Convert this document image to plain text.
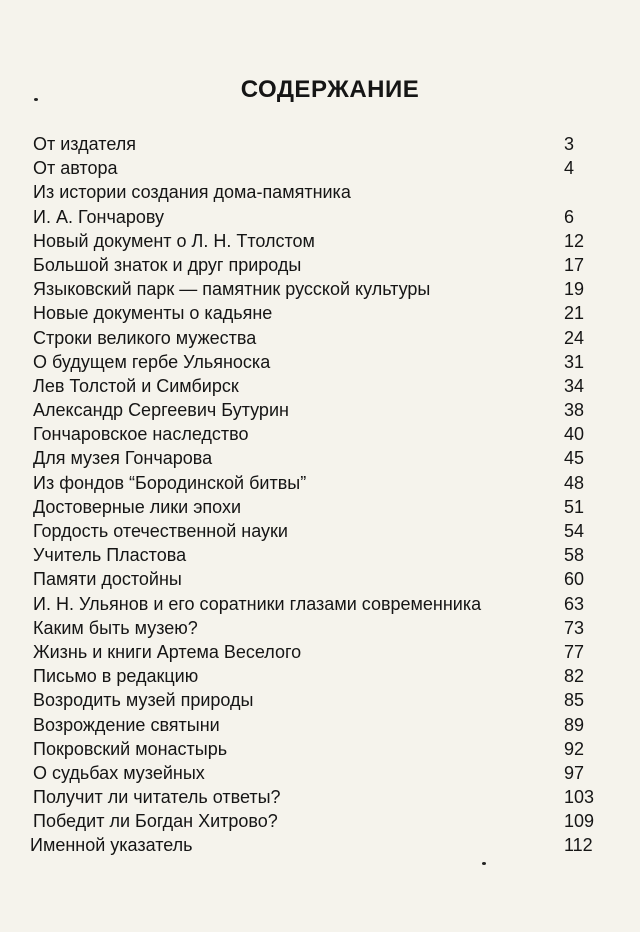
СОДЕРЖАНИЕ
От издателя	3
От автора	4
Из истории создания дома-памятника
И. А. Гончарову	6
Новый документ о Л. Н. Ттолстом	12
Большой знаток и друг природы	17
Языковский парк — памятник русской культуры	19
Новые документы о кадьяне	21
Строки великого мужества	24
О будущем гербе Ульяноска	31
Лев Толстой и Симбирск	34
Александр Сергеевич Бутурин	38
Гончаровское наследство	40
Для музея Гончарова	45
Из фондов “Бородинской битвы”	48
Достоверные лики эпохи	51
Гордость отечественной науки	54
Учитель Пластова	58
Памяти достойны	60
И. Н. Ульянов и его соратники глазами современника	63
Каким быть музею?	73
Жизнь и книги Артема Веселого	77
Письмо в редакцию	82
Возродить музей природы	85
Возрождение святыни	89
Покровский монастырь	92
О судьбах музейных	97
Получит ли читатель ответы?	103
Победит ли Богдан Хитрово?	109
Именной указатель	112
